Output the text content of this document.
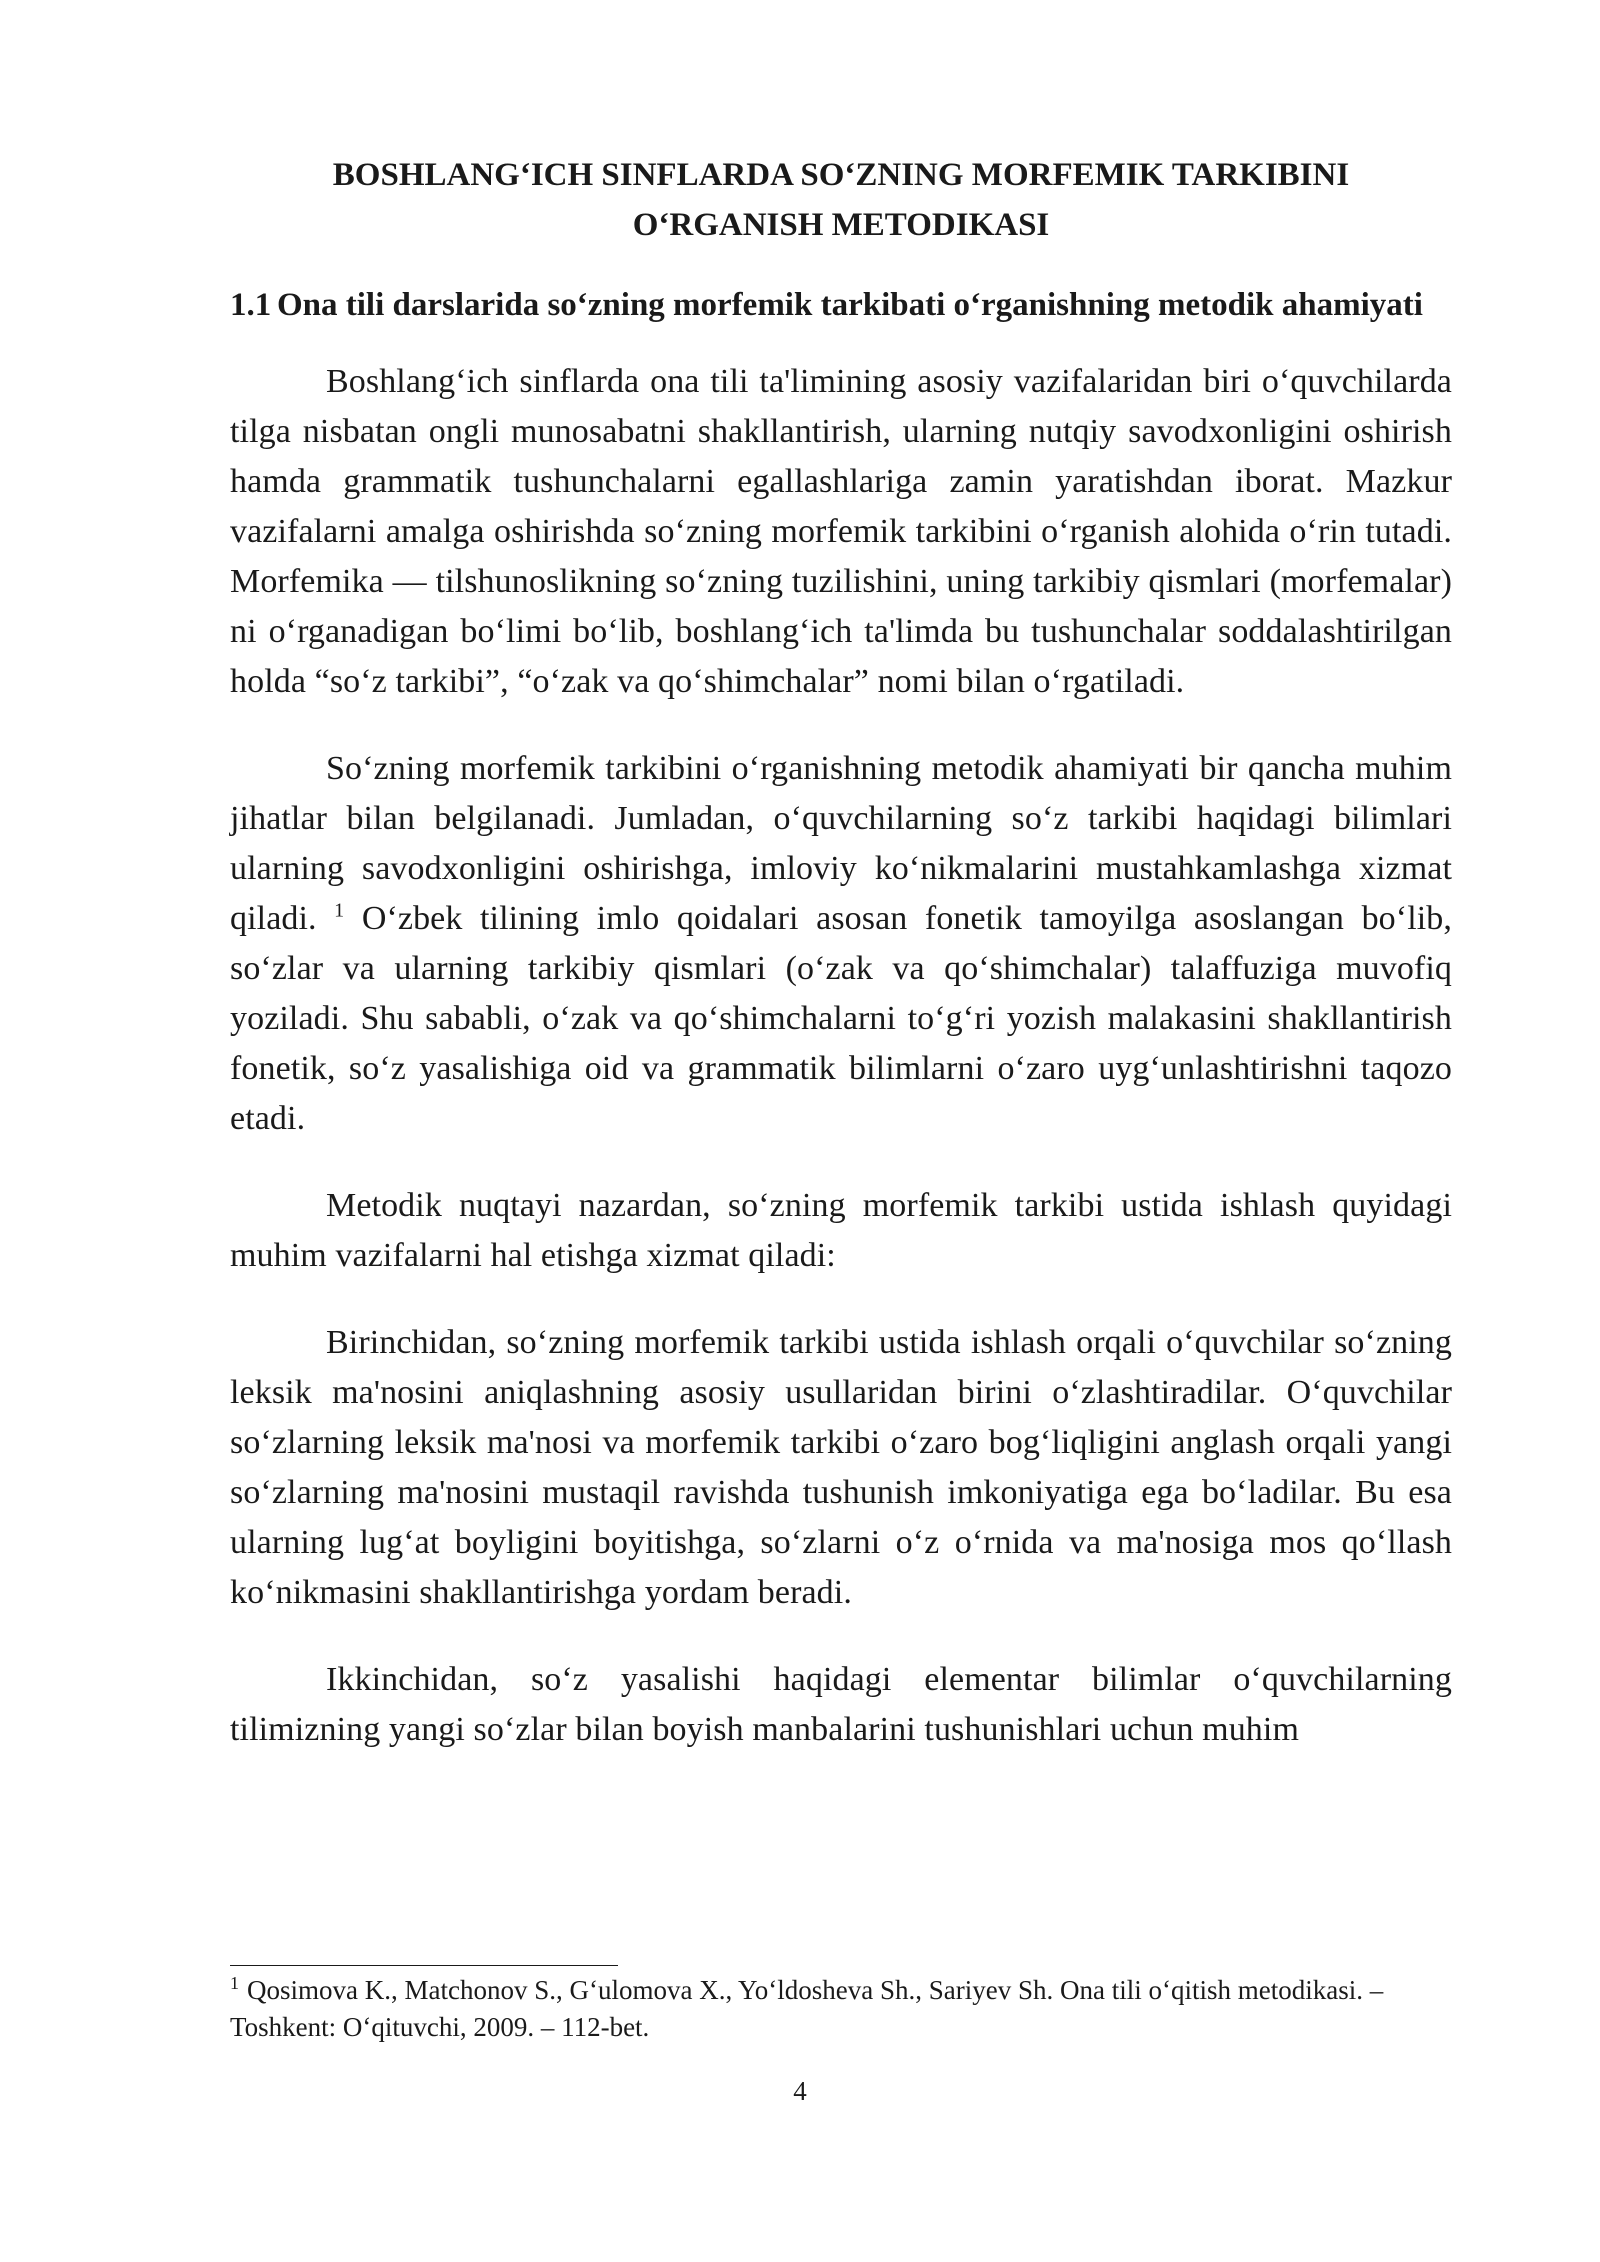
BOSHLANG‘ICH SINFLARDA SO‘ZNING MORFEMIK TARKIBINI
O‘RGANISH METODIKASI
1.1 Ona tili darslarida so‘zning morfemik tarkibati o‘rganishning metodik ahamiyati

Boshlang‘ich sinflarda ona tili ta'limining asosiy vazifalaridan biri o‘quvchilarda tilga nisbatan ongli munosabatni shakllantirish, ularning nutqiy savodxonligini oshirish hamda grammatik tushunchalarni egallashlariga zamin yaratishdan iborat. Mazkur vazifalarni amalga oshirishda so‘zning morfemik tarkibini o‘rganish alohida o‘rin tutadi. Morfemika — tilshunoslikning so‘zning tuzilishini, uning tarkibiy qismlari (morfemalar) ni o‘rganadigan bo‘limi bo‘lib, boshlang‘ich ta'limda bu tushunchalar soddalashtirilgan holda “so‘z tarkibi”, “o‘zak va qo‘shimchalar” nomi bilan o‘rgatiladi.

So‘zning morfemik tarkibini o‘rganishning metodik ahamiyati bir qancha muhim jihatlar bilan belgilanadi. Jumladan, o‘quvchilarning so‘z tarkibi haqidagi bilimlari ularning savodxonligini oshirishga, imloviy ko‘nikmalarini mustahkamlashga xizmat qiladi. $^1$ O‘zbek tilining imlo qoidalari asosan fonetik tamoyilga asoslangan bo‘lib, so‘zlar va ularning tarkibiy qismlari (o‘zak va qo‘shimchalar) talaffuziga muvofiq yoziladi. Shu sababli, o‘zak va qo‘shimchalarni to‘g‘ri yozish malakasini shakllantirish fonetik, so‘z yasalishiga oid va grammatik bilimlarni o‘zaro uyg‘unlashtirishni taqozo etadi.

Metodik nuqtayi nazardan, so‘zning morfemik tarkibi ustida ishlash quyidagi muhim vazifalarni hal etishga xizmat qiladi:

Birinchidan, so‘zning morfemik tarkibi ustida ishlash orqali o‘quvchilar so‘zning leksik ma'nosini aniqlashning asosiy usullaridan birini o‘zlashtiradilar. O‘quvchilar so‘zlarning leksik ma'nosi va morfemik tarkibi o‘zaro bog‘liqligini anglash orqali yangi so‘zlarning ma'nosini mustaqil ravishda tushunish imkoniyatiga ega bo‘ladilar. Bu esa ularning lug‘at boyligini boyitishga, so‘zlarni o‘z o‘rnida va ma'nosiga mos qo‘llash ko‘nikmasini shakllantirishga yordam beradi.

Ikkinchidan, so‘z yasalishi haqidagi elementar bilimlar o‘quvchilarning tilimizning yangi so‘zlar bilan boyish manbalarini tushunishlari uchun muhim

$^1$ Qosimova K., Matchonov S., G‘ulomova X., Yo‘ldosheva Sh., Sariyev Sh. Ona tili o‘qitish metodikasi. – Toshkent: O‘qituvchi, 2009. – 112-bet.
4
